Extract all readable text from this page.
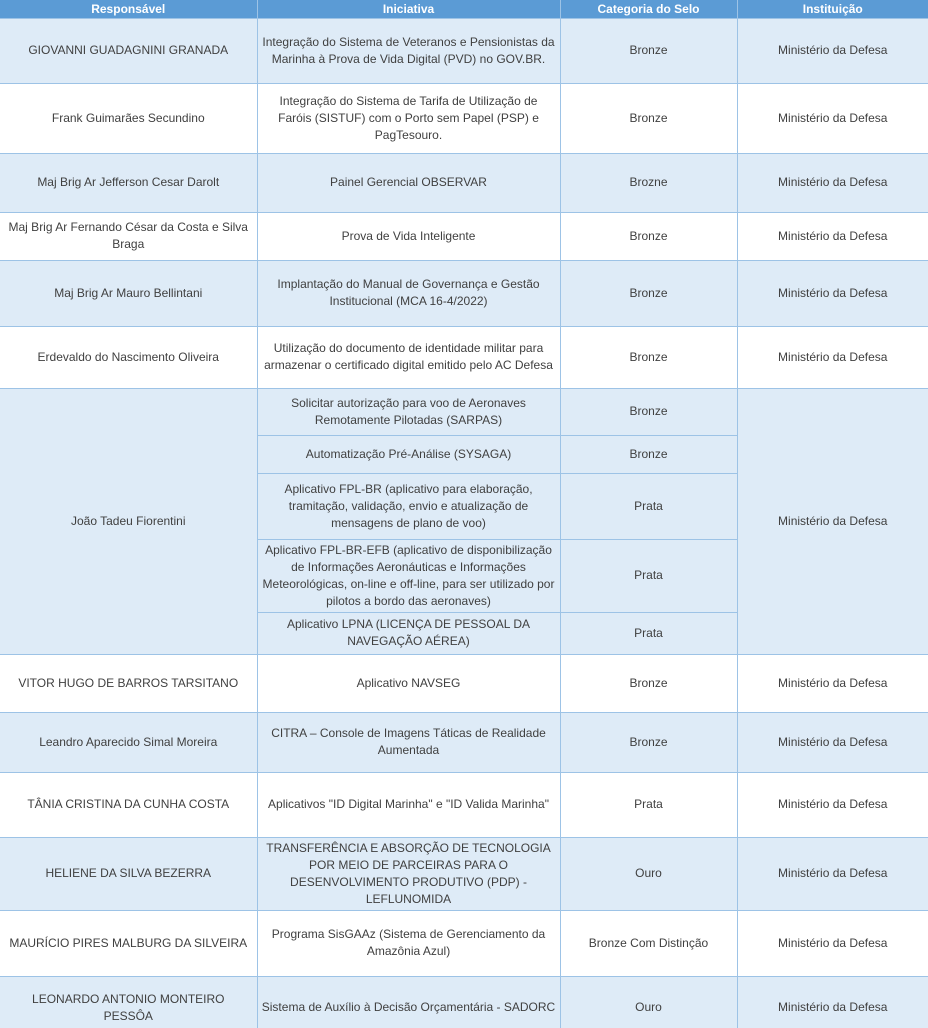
Responsável	Iniciativa	Categoria do Selo	Instituição
GIOVANNI GUADAGNINI GRANADA	Integração do Sistema de Veteranos e Pensionistas da Marinha à Prova de Vida Digital (PVD) no GOV.BR.	Bronze	Ministério da Defesa
Frank Guimarães Secundino	Integração do Sistema de Tarifa de Utilização de Faróis (SISTUF) com o Porto sem Papel (PSP) e PagTesouro.	Bronze	Ministério da Defesa
Maj Brig Ar Jefferson Cesar Darolt	Painel Gerencial OBSERVAR	Brozne	Ministério da Defesa
Maj Brig Ar Fernando César da Costa e Silva Braga	Prova de Vida Inteligente	Bronze	Ministério da Defesa
Maj Brig Ar Mauro Bellintani	Implantação do Manual de Governança e Gestão Institucional (MCA 16-4/2022)	Bronze	Ministério da Defesa
Erdevaldo do Nascimento Oliveira	Utilização do documento de identidade militar para armazenar o certificado digital emitido pelo AC Defesa	Bronze	Ministério da Defesa
João Tadeu Fiorentini	Solicitar autorização para voo de Aeronaves Remotamente Pilotadas (SARPAS)	Bronze	Ministério da Defesa
	Automatização Pré-Análise (SYSAGA)	Bronze	
	Aplicativo FPL-BR (aplicativo para elaboração, tramitação, validação, envio e atualização de mensagens de plano de voo)	Prata	
	Aplicativo FPL-BR-EFB (aplicativo de disponibilização de Informações Aeronáuticas e Informações Meteorológicas, on-line e off-line, para ser utilizado por pilotos a bordo das aeronaves)	Prata	
	Aplicativo LPNA (LICENÇA DE PESSOAL DA NAVEGAÇÃO AÉREA)	Prata	
VITOR HUGO DE BARROS TARSITANO	Aplicativo NAVSEG	Bronze	Ministério da Defesa
Leandro Aparecido Simal Moreira	CITRA – Console de Imagens Táticas de Realidade Aumentada	Bronze	Ministério da Defesa
TÂNIA CRISTINA DA CUNHA COSTA	Aplicativos "ID Digital Marinha" e "ID Valida Marinha"	Prata	Ministério da Defesa
HELIENE DA SILVA BEZERRA	TRANSFERÊNCIA E ABSORÇÃO DE TECNOLOGIA POR MEIO DE PARCEIRAS PARA O DESENVOLVIMENTO PRODUTIVO (PDP) - LEFLUNOMIDA	Ouro	Ministério da Defesa
MAURÍCIO PIRES MALBURG DA SILVEIRA	Programa SisGAAz (Sistema de Gerenciamento da Amazônia Azul)	Bronze Com Distinção	Ministério da Defesa
LEONARDO ANTONIO MONTEIRO PESSÔA	Sistema de Auxílio à Decisão Orçamentária - SADORC	Ouro	Ministério da Defesa
